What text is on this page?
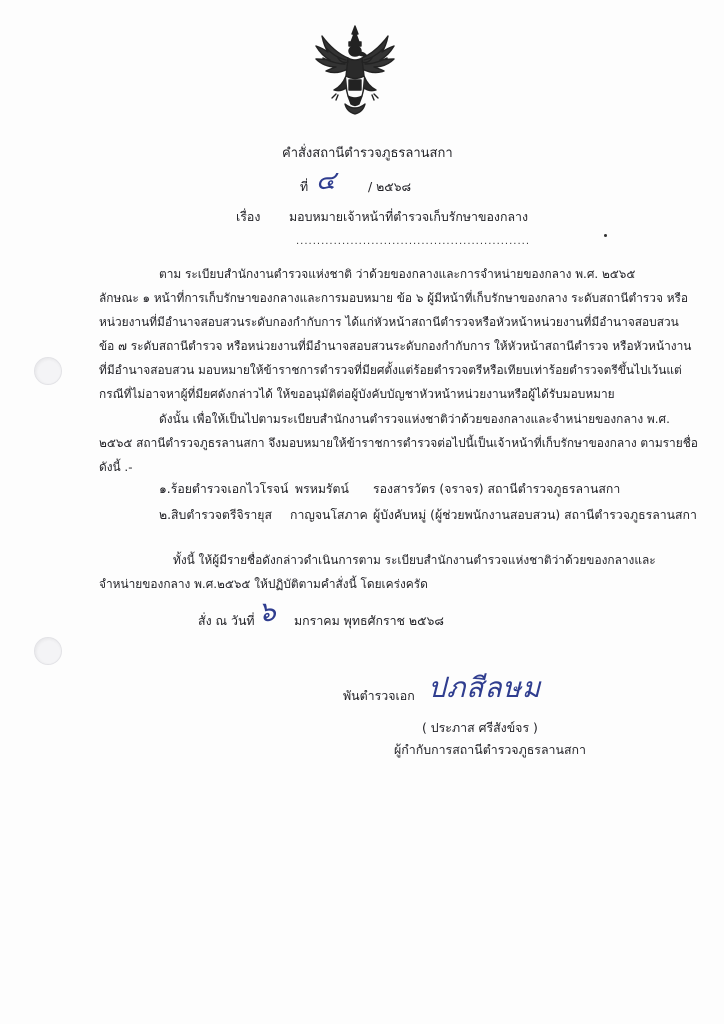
คำสั่งสถานีตำรวจภูธรลานสกา
ที่ ๔	/ ๒๕๖๘
เรื่อง มอบหมายเจ้าหน้าที่ตำรวจเก็บรักษาของกลาง
........................................................
ตาม ระเบียบสำนักงานตำรวจแห่งชาติ ว่าด้วยของกลางและการจำหน่ายของกลาง พ.ศ. ๒๕๖๕
ลักษณะ ๑ หน้าที่การเก็บรักษาของกลางและการมอบหมาย ข้อ ๖ ผู้มีหน้าที่เก็บรักษาของกลาง ระดับสถานีตำรวจ หรือ
หน่วยงานที่มีอำนาจสอบสวนระดับกองกำกับการ ได้แก่หัวหน้าสถานีตำรวจหรือหัวหน้าหน่วยงานที่มีอำนาจสอบสวน
ข้อ ๗ ระดับสถานีตำรวจ หรือหน่วยงานที่มีอำนาจสอบสวนระดับกองกำกับการ ให้หัวหน้าสถานีตำรวจ หรือหัวหน้างาน
ที่มีอำนาจสอบสวน มอบหมายให้ข้าราชการตำรวจที่มียศตั้งแต่ร้อยตำรวจตรีหรือเทียบเท่าร้อยตำรวจตรีขึ้นไปเว้นแต่
กรณีที่ไม่อาจหาผู้ที่มียศดังกล่าวได้ ให้ขออนุมัติต่อผู้บังคับบัญชาหัวหน้าหน่วยงานหรือผู้ได้รับมอบหมาย
ดังนั้น เพื่อให้เป็นไปตามระเบียบสำนักงานตำรวจแห่งชาติว่าด้วยของกลางและจำหน่ายของกลาง พ.ศ.
๒๕๖๕ สถานีตำรวจภูธรลานสกา จึงมอบหมายให้ข้าราชการตำรวจต่อไปนี้เป็นเจ้าหน้าที่เก็บรักษาของกลาง ตามรายชื่อ
ดังนี้ .-
๑.ร้อยตำรวจเอกไวโรจน์ พรหมรัตน์ รองสารวัตร (จราจร) สถานีตำรวจภูธรลานสกา
๒.สิบตำรวจตรีจิรายุส กาญจนโสภาค ผู้บังคับหมู่ (ผู้ช่วยพนักงานสอบสวน) สถานีตำรวจภูธรลานสกา
ทั้งนี้ ให้ผู้มีรายชื่อดังกล่าวดำเนินการตาม ระเบียบสำนักงานตำรวจแห่งชาติว่าด้วยของกลางและ
จำหน่ายของกลาง พ.ศ.๒๕๖๕ ให้ปฏิบัติตามคำสั่งนี้ โดยเคร่งครัด
สั่ง ณ วันที่ ๖ มกราคม พุทธศักราช ๒๕๖๘
พันตำรวจเอก ปภสีลษม
( ประภาส ศรีสังข์จร )
ผู้กำกับการสถานีตำรวจภูธรลานสกา
